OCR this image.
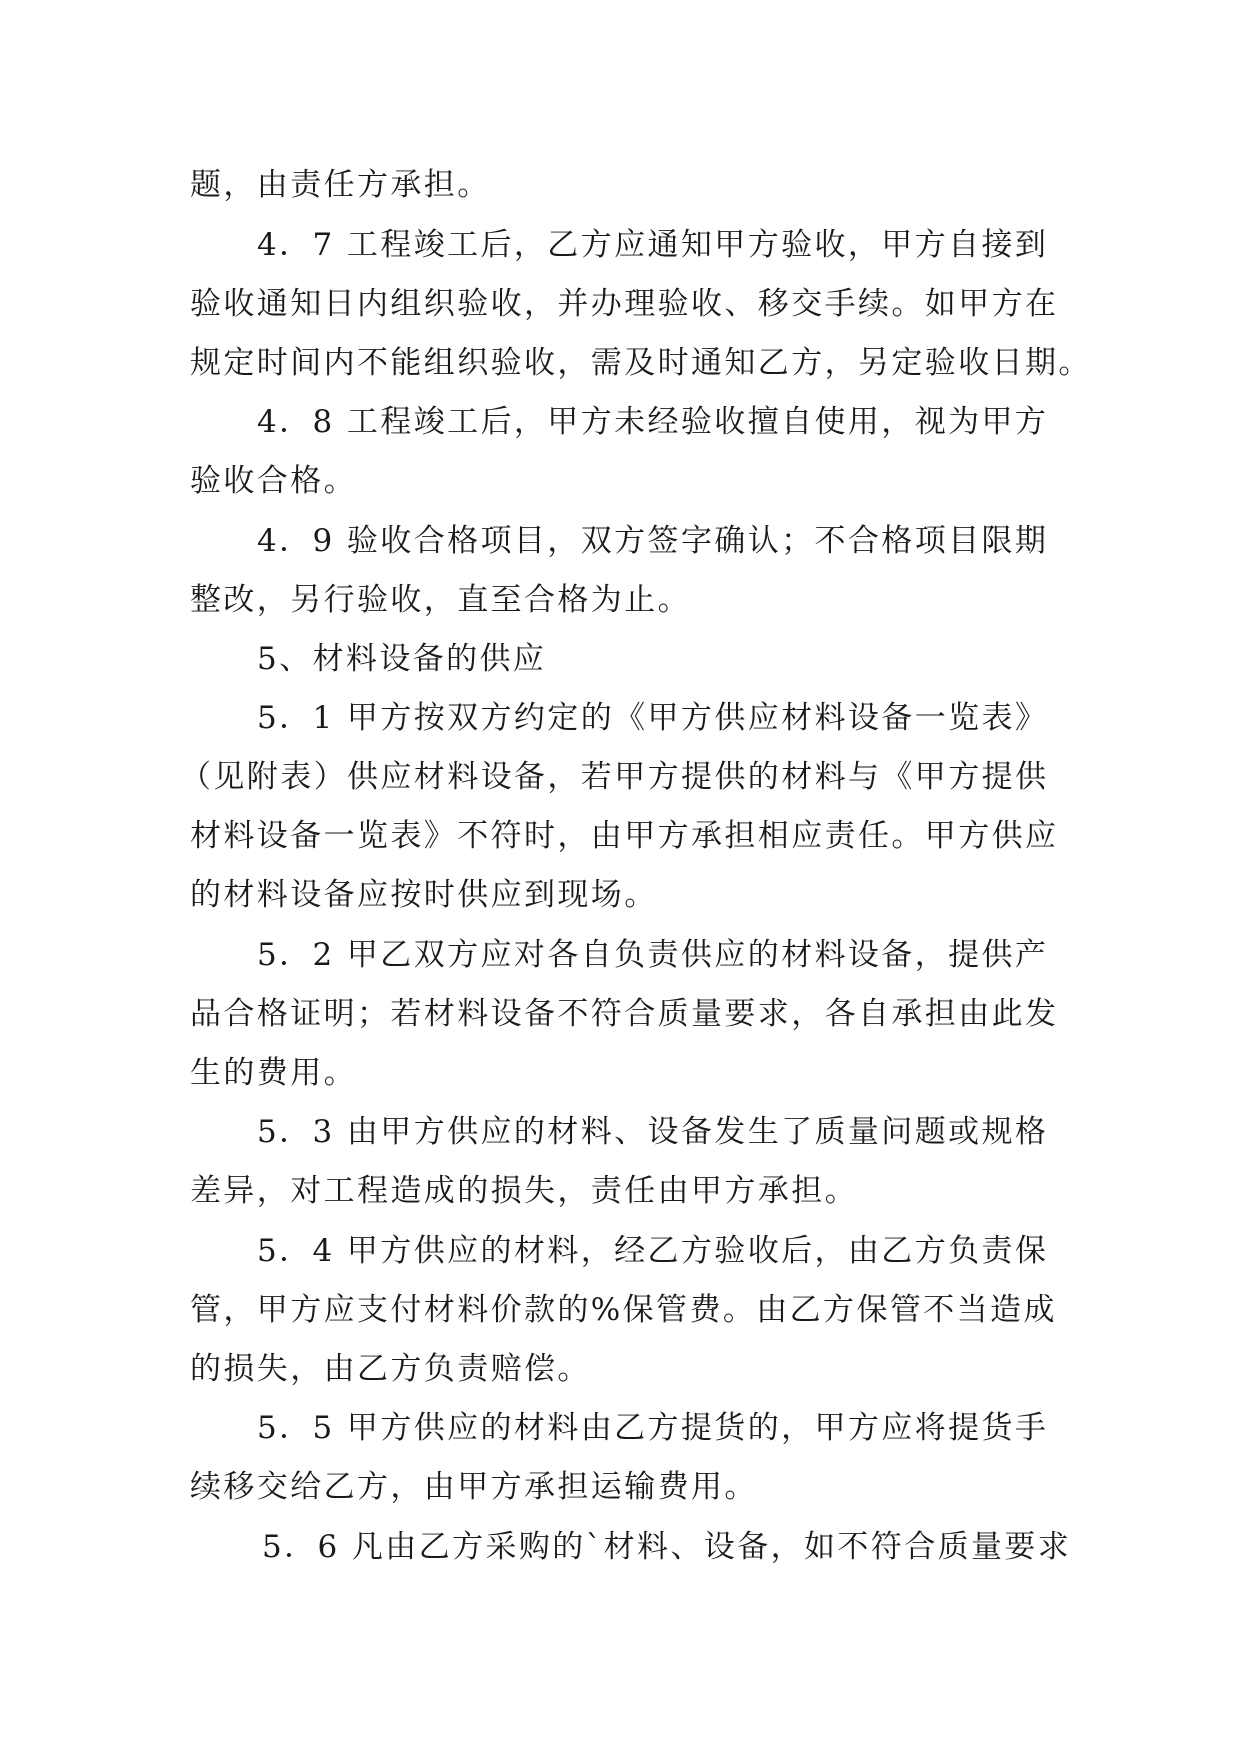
题，由责任方承担。
4．7 工程竣工后，乙方应通知甲方验收，甲方自接到
验收通知日内组织验收，并办理验收、移交手续。如甲方在
规定时间内不能组织验收，需及时通知乙方，另定验收日期。
4．8 工程竣工后，甲方未经验收擅自使用，视为甲方
验收合格。
4．9 验收合格项目，双方签字确认；不合格项目限期
整改，另行验收，直至合格为止。
5、材料设备的供应
5．1 甲方按双方约定的《甲方供应材料设备一览表》
（见附表）供应材料设备，若甲方提供的材料与《甲方提供
材料设备一览表》不符时，由甲方承担相应责任。甲方供应
的材料设备应按时供应到现场。
5．2 甲乙双方应对各自负责供应的材料设备，提供产
品合格证明；若材料设备不符合质量要求，各自承担由此发
生的费用。
5．3 由甲方供应的材料、设备发生了质量问题或规格
差异，对工程造成的损失，责任由甲方承担。
5．4 甲方供应的材料，经乙方验收后，由乙方负责保
管，甲方应支付材料价款的%保管费。由乙方保管不当造成
的损失，由乙方负责赔偿。
5．5 甲方供应的材料由乙方提货的，甲方应将提货手
续移交给乙方，由甲方承担运输费用。
5．6 凡由乙方采购的`材料、设备，如不符合质量要求
